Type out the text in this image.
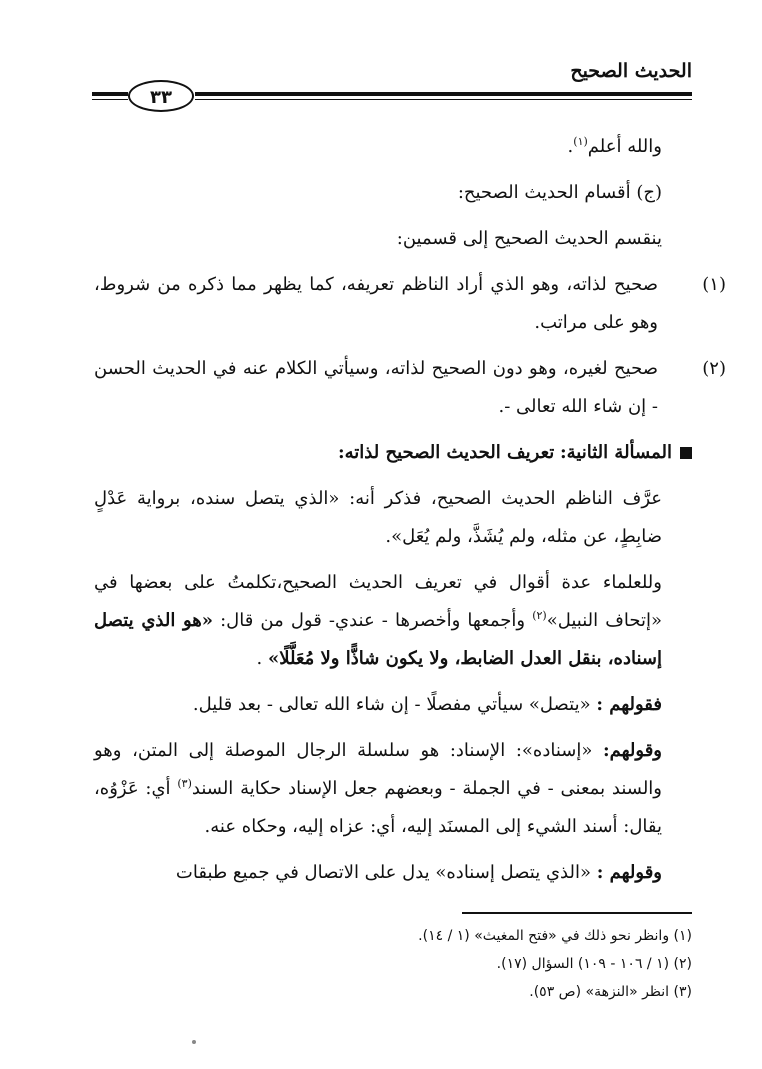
الحديث الصحيح
٣٣

والله أعلم$^{(١)}$.

(ج) أقسام الحديث الصحيح:

ينقسم الحديث الصحيح إلى قسمين:

(١)صحيح لذاته، وهو الذي أراد الناظم تعريفه، كما يظهر مما ذكره من شروط، وهو على مراتب.

(٢)صحيح لغيره، وهو دون الصحيح لذاته، وسيأتي الكلام عنه في الحديث الحسن - إن شاء الله تعالى -.

المسألة الثانية: تعريف الحديث الصحيح لذاته:

عرَّف الناظم الحديث الصحيح، فذكر أنه: «الذي يتصل سنده، برواية عَدْلٍ ضابِطٍ، عن مثله، ولم يُشَذَّ، ولم يُعَل».

وللعلماء عدة أقوال في تعريف الحديث الصحيح،تكلمتُ على بعضها في «إتحاف النبيل»$^{(٢)}$ وأجمعها وأخصرها - عندي- قول من قال: «هو الذي يتصل إسناده، بنقل العدل الضابط، ولا يكون شاذًّا ولا مُعَلَّلًا» .

فقولهم : «يتصل» سيأتي مفصلًا - إن شاء الله تعالى - بعد قليل.

وقولهم: «إسناده»: الإسناد: هو سلسلة الرجال الموصلة إلى المتن، وهو والسند بمعنى - في الجملة - وبعضهم جعل الإسناد حكاية السند$^{(٣)}$ أي: عَزْوُه، يقال: أسند الشيء إلى المسنَد إليه، أي: عزاه إليه، وحكاه عنه.

وقولهم : «الذي يتصل إسناده» يدل على الاتصال في جميع طبقات

(١) وانظر نحو ذلك في «فتح المغيث» (١ / ١٤).

(٢) (١ / ١٠٦ - ١٠٩) السؤال (١٧).

(٣) انظر «النزهة» (ص ٥٣).
